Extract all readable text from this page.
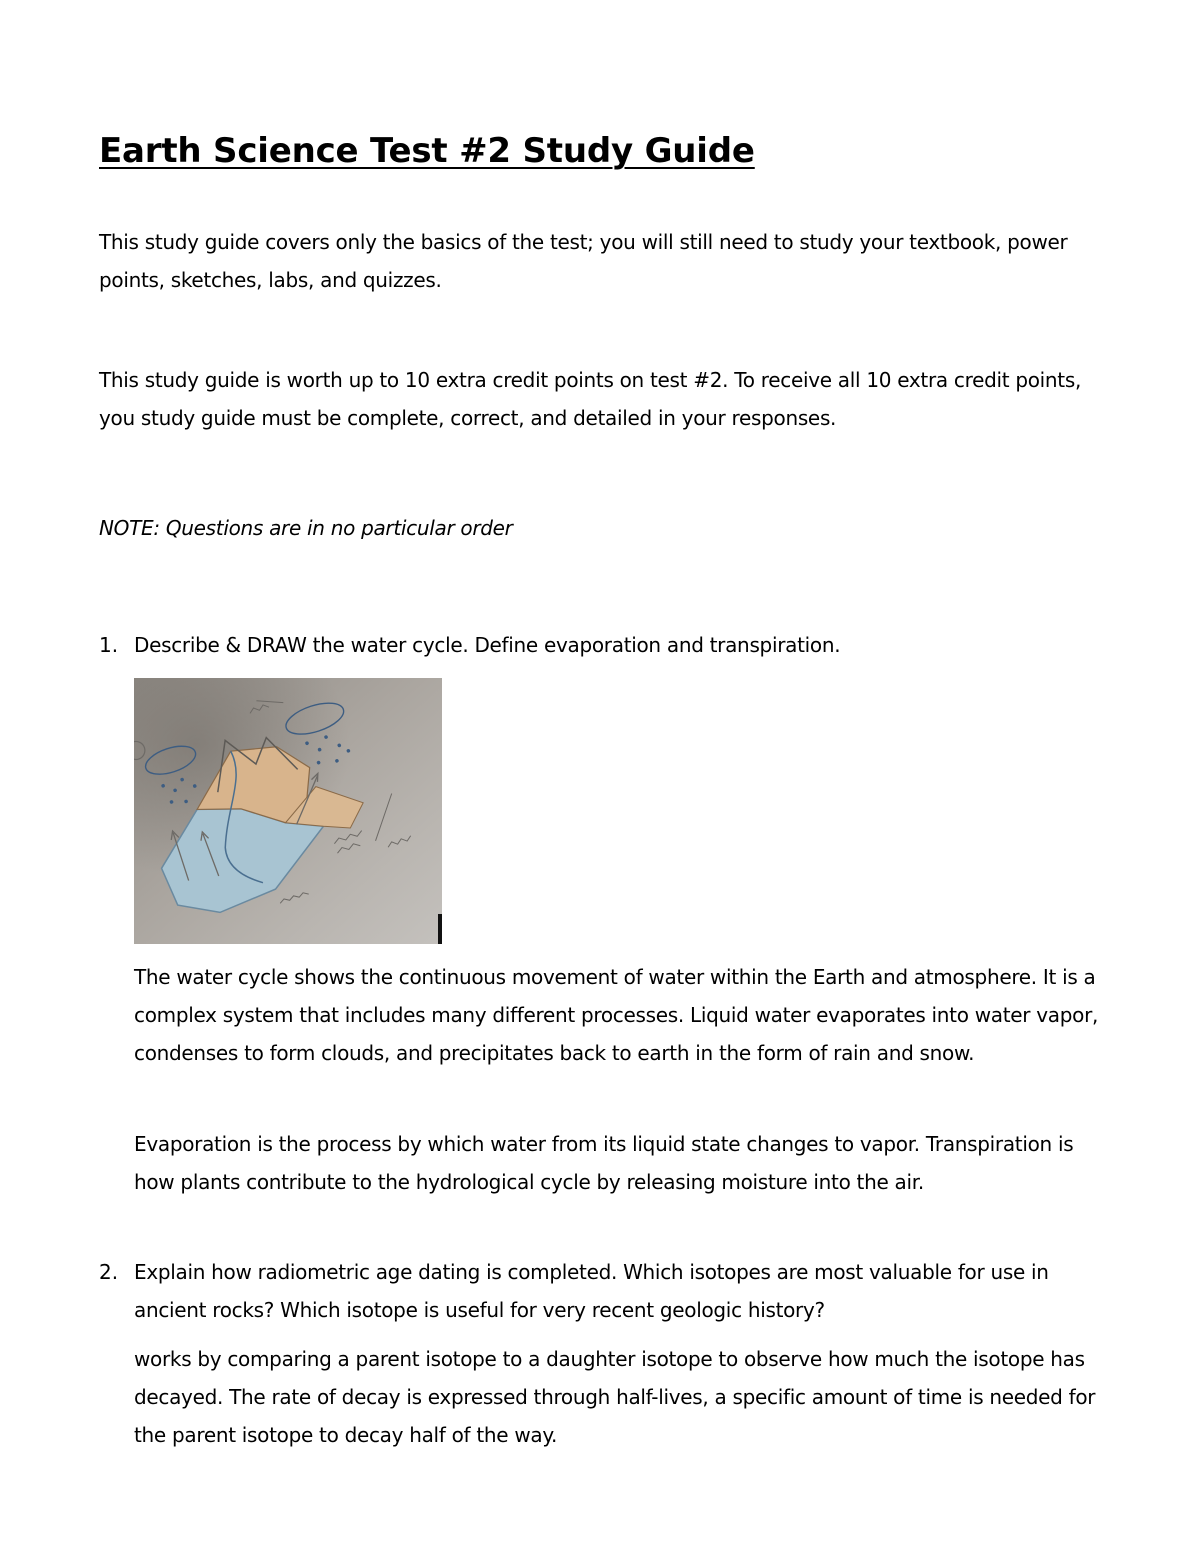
Earth Science Test #2 Study Guide

This study guide covers only the basics of the test; you will still need to study your textbook, power points, sketches, labs, and quizzes.

This study guide is worth up to 10 extra credit points on test #2. To receive all 10 extra credit points, you study guide must be complete, correct, and detailed in your responses.

NOTE: Questions are in no particular order

1. Describe & DRAW the water cycle. Define evaporation and transpiration.

The water cycle shows the continuous movement of water within the Earth and atmosphere. It is a complex system that includes many different processes. Liquid water evaporates into water vapor, condenses to form clouds, and precipitates back to earth in the form of rain and snow.

Evaporation is the process by which water from its liquid state changes to vapor. Transpiration is how plants contribute to the hydrological cycle by releasing moisture into the air.

2. Explain how radiometric age dating is completed. Which isotopes are most valuable for use in ancient rocks? Which isotope is useful for very recent geologic history?

works by comparing a parent isotope to a daughter isotope to observe how much the isotope has decayed. The rate of decay is expressed through half-lives, a specific amount of time is needed for the parent isotope to decay half of the way.
